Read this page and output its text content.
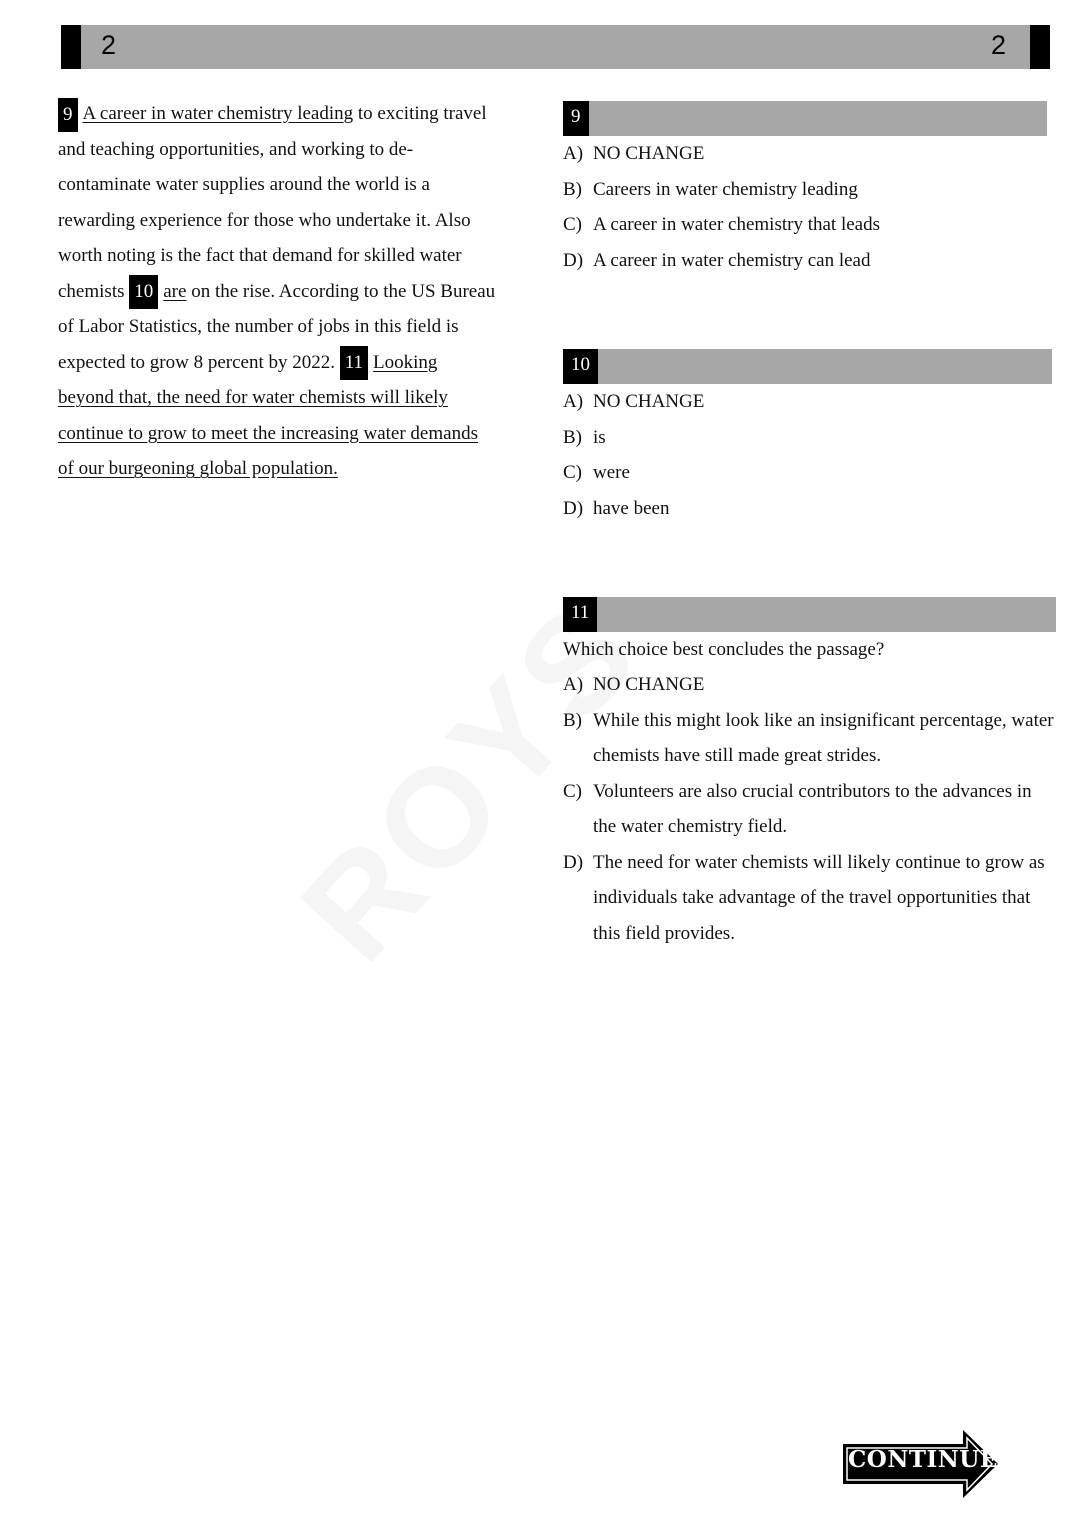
2	2
9 A career in water chemistry leading to exciting travel and teaching opportunities, and working to de-contaminate water supplies around the world is a rewarding experience for those who undertake it. Also worth noting is the fact that demand for skilled water chemists 10 are on the rise. According to the US Bureau of Labor Statistics, the number of jobs in this field is expected to grow 8 percent by 2022. 11 Looking beyond that, the need for water chemists will likely continue to grow to meet the increasing water demands of our burgeoning global population.
9
A) NO CHANGE
B) Careers in water chemistry leading
C) A career in water chemistry that leads
D) A career in water chemistry can lead
10
A) NO CHANGE
B) is
C) were
D) have been
11
Which choice best concludes the passage?
A) NO CHANGE
B) While this might look like an insignificant percentage, water chemists have still made great strides.
C) Volunteers are also crucial contributors to the advances in the water chemistry field.
D) The need for water chemists will likely continue to grow as individuals take advantage of the travel opportunities that this field provides.
CONTINUE
